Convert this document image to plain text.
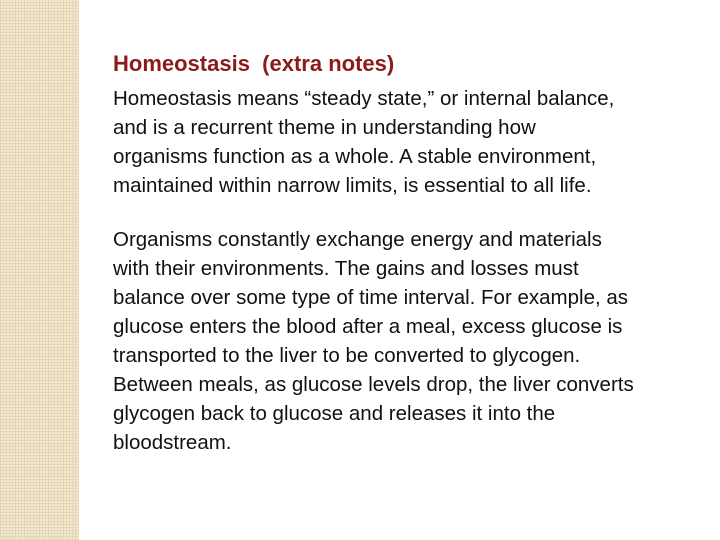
Homeostasis  (extra notes)

Homeostasis means “steady state,” or internal balance, and is a recurrent theme in understanding how organisms function as a whole. A stable environment, maintained within narrow limits, is essential to all life.

Organisms constantly exchange energy and materials with their environments. The gains and losses must balance over some type of time interval. For example, as glucose enters the blood after a meal, excess glucose is transported to the liver to be converted to glycogen. Between meals, as glucose levels drop, the liver converts glycogen back to glucose and releases it into the bloodstream.
